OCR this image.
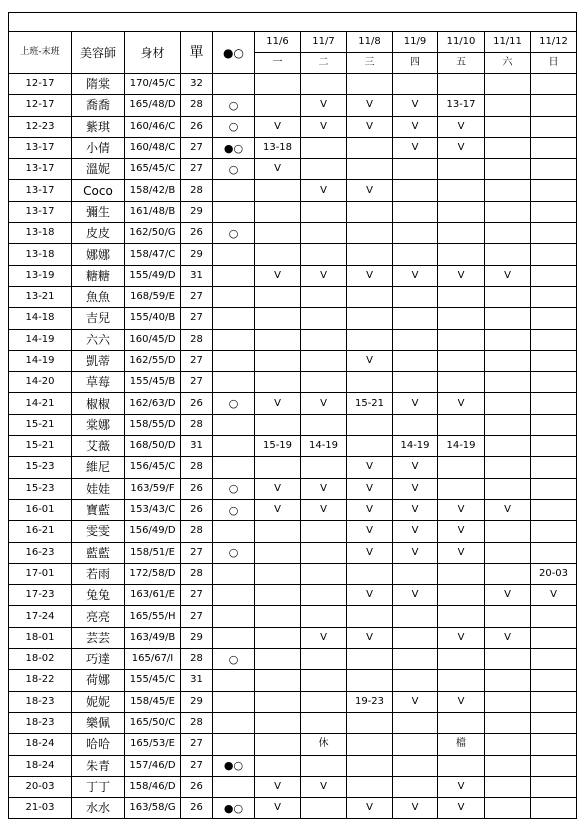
上班-末班	美容師	身材	單	●○	11/6	11/7	11/8	11/9	11/10	11/11	11/12
					一	二	三	四	五	六	日
12-17	隋棠	170/45/C	32								
12-17	喬喬	165/48/D	28	○		V	V	V	13-17		
12-23	紫琪	160/46/C	26	○	V	V	V	V	V		
13-17	小倩	160/48/C	27	●○	13-18			V	V		
13-17	溫妮	165/45/C	27	○	V						
13-17	Coco	158/42/B	28			V	V				
13-17	彌生	161/48/B	29								
13-18	皮皮	162/50/G	26	○							
13-18	娜娜	158/47/C	29								
13-19	糖糖	155/49/D	31		V	V	V	V	V	V	
13-21	魚魚	168/59/E	27								
14-18	吉兒	155/40/B	27								
14-19	六六	160/45/D	28								
14-19	凱蒂	162/55/D	27				V				
14-20	草莓	155/45/B	27								
14-21	椒椒	162/63/D	26	○	V	V	15-21	V	V		
15-21	棠娜	158/55/D	28								
15-21	艾薇	168/50/D	31		15-19	14-19		14-19	14-19		
15-23	維尼	156/45/C	28				V	V			
15-23	娃娃	163/59/F	26	○	V	V	V	V			
16-01	寶藍	153/43/C	26	○	V	V	V	V	V	V	
16-21	雯雯	156/49/D	28				V	V	V		
16-23	藍藍	158/51/E	27	○			V	V	V		
17-01	若雨	172/58/D	28								20-03
17-23	兔兔	163/61/E	27				V	V		V	V
17-24	亮亮	165/55/H	27								
18-01	芸芸	163/49/B	29			V	V		V	V	
18-02	巧達	165/67/I	28	○							
18-22	荷娜	155/45/C	31								
18-23	妮妮	158/45/E	29				19-23	V	V		
18-23	樂佩	165/50/C	28								
18-24	哈哈	165/53/E	27			休			檔		
18-24	朱青	157/46/D	27	●○							
20-03	丁丁	158/46/D	26		V	V			V		
21-03	水水	163/58/G	26	●○	V		V	V	V		
